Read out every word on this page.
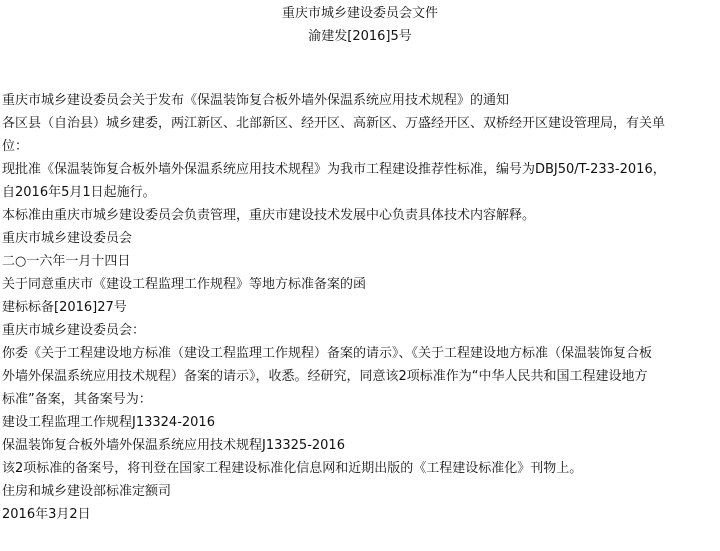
重庆市城乡建设委员会文件
渝建发[2016]5号
重庆市城乡建设委员会关于发布《保温装饰复合板外墙外保温系统应用技术规程》的通知
各区县（自治县）城乡建委，两江新区、北部新区、经开区、高新区、万盛经开区、双桥经开区建设管理局，有关单
位：
现批准《保温装饰复合板外墙外保温系统应用技术规程》为我市工程建设推荐性标准，编号为DBJ50/T-233-2016，
自2016年5月1日起施行。
本标准由重庆市城乡建设委员会负责管理，重庆市建设技术发展中心负责具体技术内容解释。
重庆市城乡建设委员会
二○一六年一月十四日
关于同意重庆市《建设工程监理工作规程》等地方标准备案的函
建标标备[2016]27号
重庆市城乡建设委员会：
你委《关于工程建设地方标准（建设工程监理工作规程）备案的请示》、《关于工程建设地方标准（保温装饰复合板
外墙外保温系统应用技术规程）备案的请示》，收悉。经研究，同意该2项标准作为“中华人民共和国工程建设地方
标准”备案，其备案号为：
建设工程监理工作规程J13324-2016
保温装饰复合板外墙外保温系统应用技术规程J13325-2016
该2项标准的备案号，将刊登在国家工程建设标准化信息网和近期出版的《工程建设标准化》刊物上。
住房和城乡建设部标准定额司
2016年3月2日
